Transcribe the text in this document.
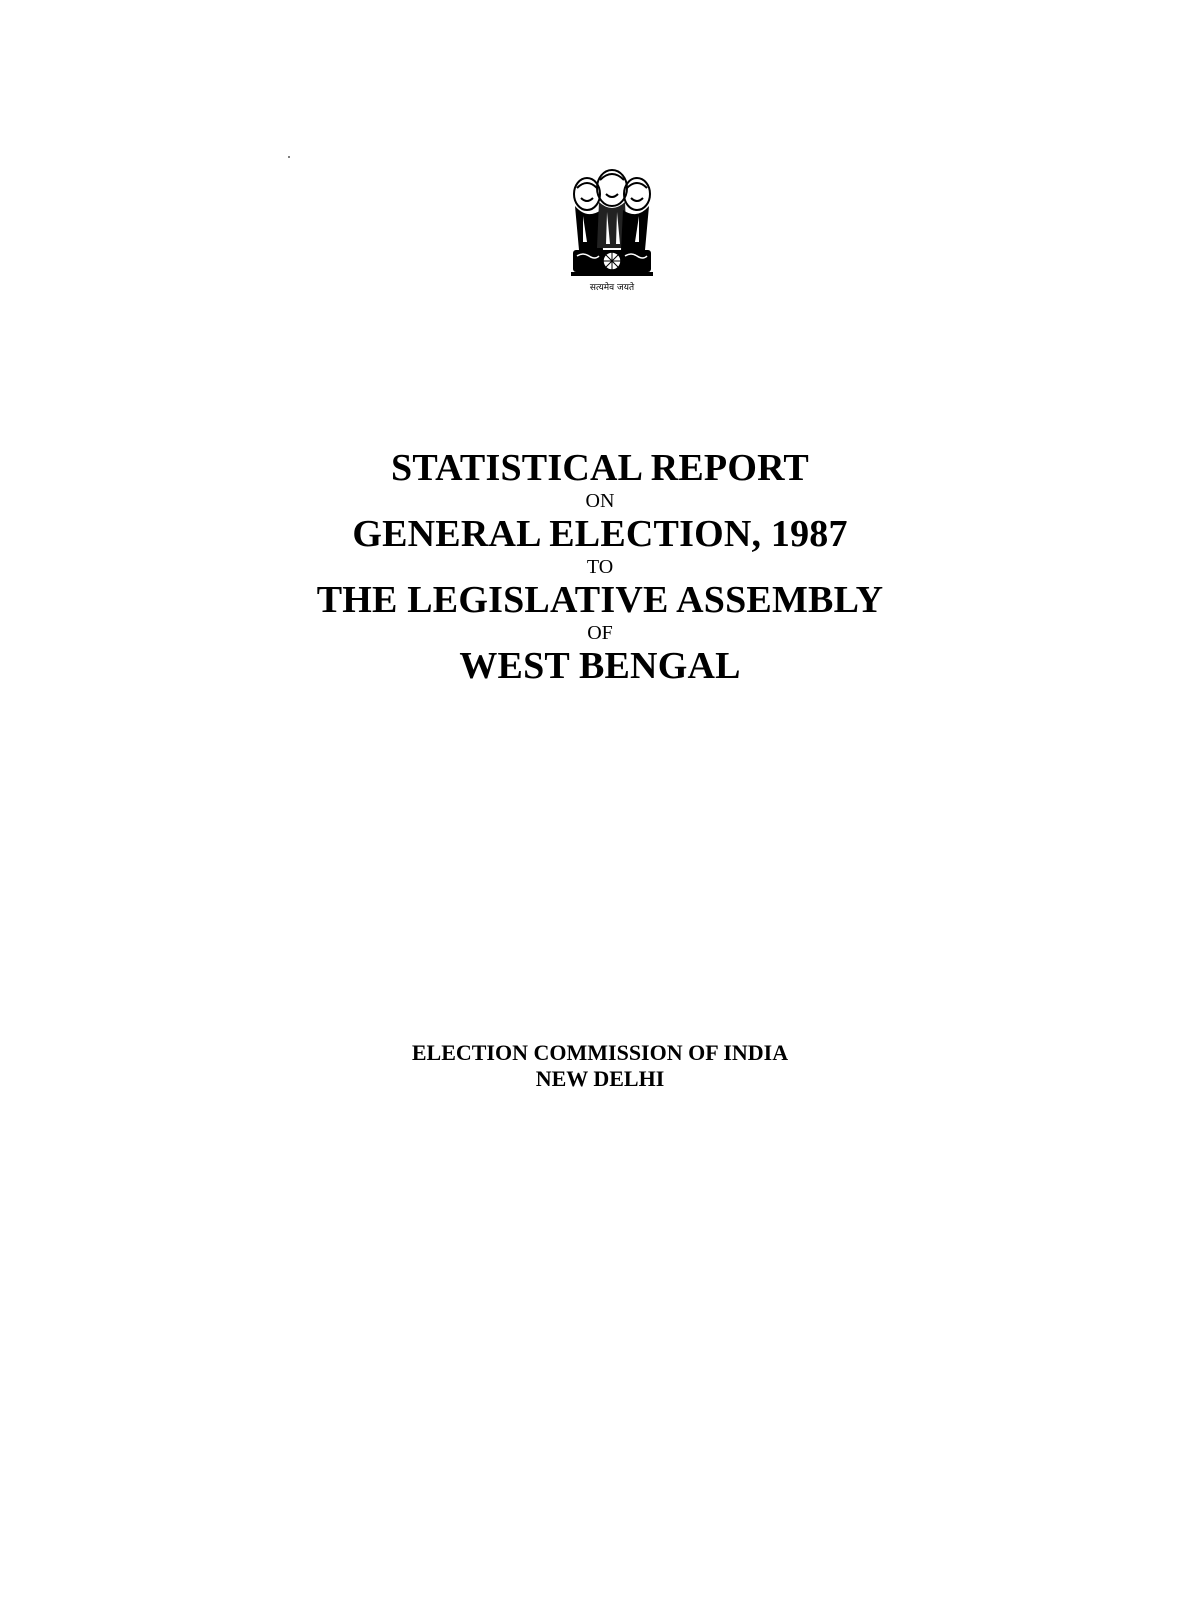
सत्यमेव जयते
STATISTICAL REPORT
ON
GENERAL ELECTION, 1987
TO
THE LEGISLATIVE ASSEMBLY
OF
WEST BENGAL
ELECTION COMMISSION OF INDIA
NEW DELHI
